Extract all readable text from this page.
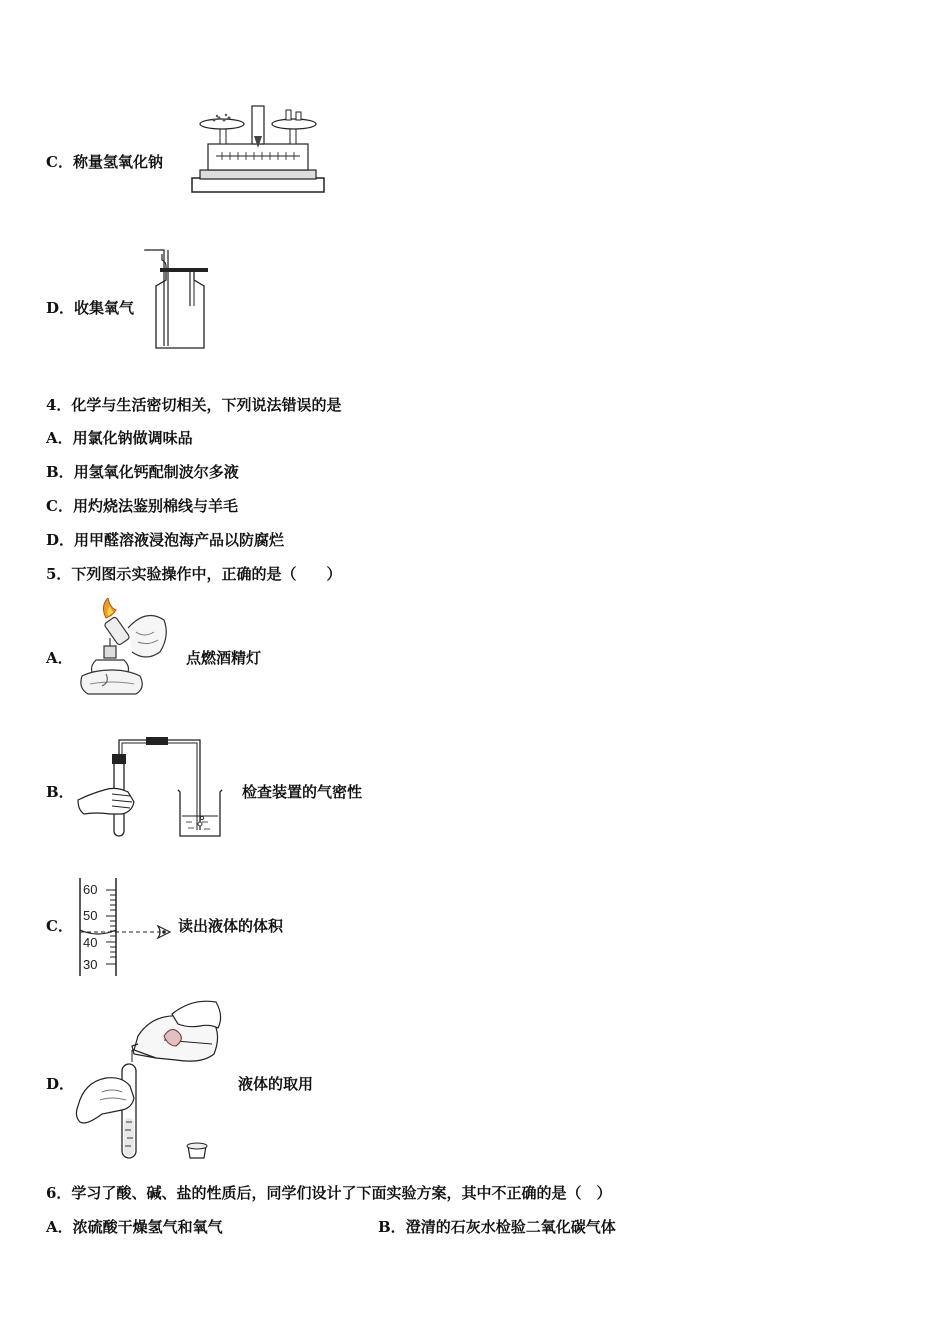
C．称量氢氧化钠
D．收集氧气
4．化学与生活密切相关，下列说法错误的是
A．用氯化钠做调味品
B．用氢氧化钙配制波尔多液
C．用灼烧法鉴别棉线与羊毛
D．用甲醛溶液浸泡海产品以防腐烂
5．下列图示实验操作中，正确的是（　　）
A．	点燃酒精灯
B．	检查装置的气密性
C．
60
50
40
30
读出液体的体积
D．	液体的取用
6．学习了酸、碱、盐的性质后，同学们设计了下面实验方案，其中不正确的是（　）
A．浓硫酸干燥氢气和氧气	B．澄清的石灰水检验二氧化碳气体
